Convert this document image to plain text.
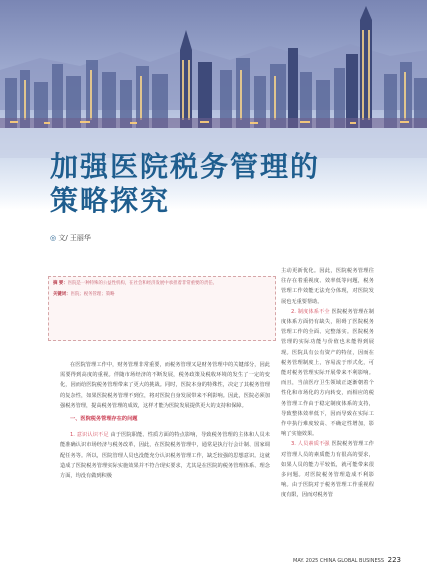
加强医院税务管理的
策略探究
◎ 文/ 王丽华

摘 要：医院是一种特殊的公益性机构，在社会和经济发展中承担着非常重要的责任。

关键词：医院；税务管理；策略

在医院管理工作中，财务管理非常重要，而税务管理又是财务管理中的关键部分，因此需要得到高度的重视。伴随市场经济的不断发展，税务政策及税收环境的发生了一定的变化，因而给医院税务管理带来了更大的挑战。同时，医院本身的特殊性，决定了其税务管理的复杂性，如果医院税务管理不到位，将对医院自身发展带来不利影响。因此，医院必须加强税务管理，提高税务管理的成效，这样才能为医院发展提供更大的支持和保障。

一、医院税务管理存在的问题

1. 意识认识不足 由于医院职能、性质方面的特点影响，导致税务管理的主体和人员未能准确认识市场经济与税务改革，因此，在医院税务管理中，通常是执行行会计制、国家调配任务等。所以，医院管理人员也没能充分认识税务管理工作，缺乏较强的思想意识。这就造成了医院税务管理实际实施效果并不符合现实要求，尤其是在医院的税务管理体系、理念方面，均没有做到积极

主动更新优化。因此，医院税务管理往往存在着重视度、效率低等问题，税务管理工作效能无法充分体现，对医院发展也无重要帮助。

2. 制度体系不全 医院税务管理在制度体系方面仍有缺失，阻碍了医院税务管理工作的全面、完整落实。医院税务管理的实际功能与价值也未能得到展现。医院具有公有资产的特征，因而在税务管理制度上，容易流于形式化，可能对税务管理实际开展带来不利影响。而且，当前医疗卫生领域正逐渐朝着个性化和市场化的方向转变，而相应的税务管理工作由于稳定制度体系的支持，导致整体效率低下，因而导致在实际工作中执行难度较高、不确定性增加，影响了实施效果。

3. 人员素质不强 医院税务管理工作对管理人员的素质能力有很高的要求，如果人员的能力平较低，就可能带来很多问题。对医院税务管理造成不利影响。由于医院对于税务管理工作重视程度有限，因而对税务管

MAY. 2025 CHINA GLOBAL BUSINESS 223
